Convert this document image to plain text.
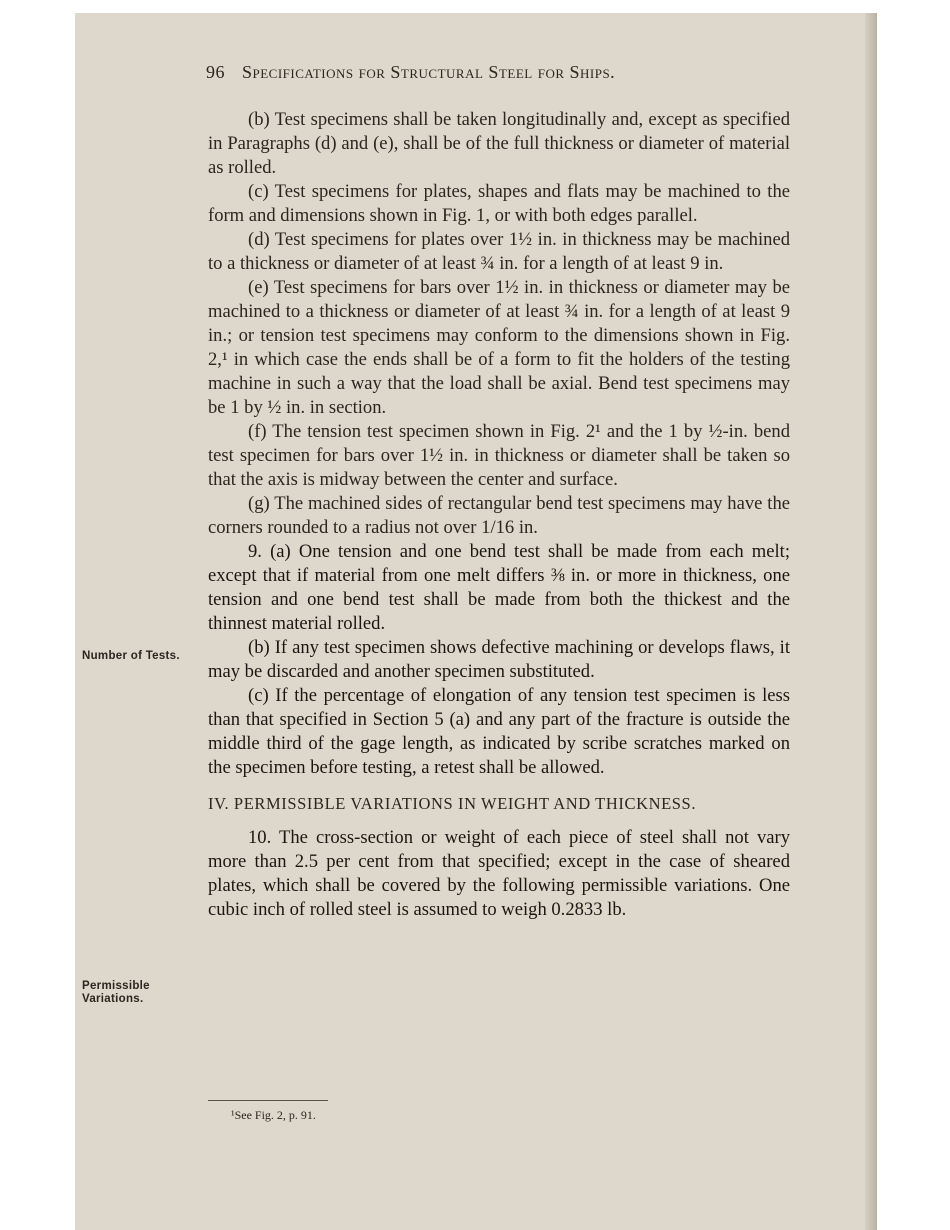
96 Specifications for Structural Steel for Ships.
Number of Tests.
Permissible Variations.

(b) Test specimens shall be taken longitudinally and, except as specified in Paragraphs (d) and (e), shall be of the full thickness or diameter of material as rolled.

(c) Test specimens for plates, shapes and flats may be machined to the form and dimensions shown in Fig. 1, or with both edges parallel.

(d) Test specimens for plates over 1½ in. in thickness may be machined to a thickness or diameter of at least ¾ in. for a length of at least 9 in.

(e) Test specimens for bars over 1½ in. in thickness or diameter may be machined to a thickness or diameter of at least ¾ in. for a length of at least 9 in.; or tension test specimens may conform to the dimensions shown in Fig. 2,¹ in which case the ends shall be of a form to fit the holders of the testing machine in such a way that the load shall be axial. Bend test specimens may be 1 by ½ in. in section.

(f) The tension test specimen shown in Fig. 2¹ and the 1 by ½-in. bend test specimen for bars over 1½ in. in thickness or diameter shall be taken so that the axis is midway between the center and surface.

(g) The machined sides of rectangular bend test specimens may have the corners rounded to a radius not over 1/16 in.

9. (a) One tension and one bend test shall be made from each melt; except that if material from one melt differs ⅜ in. or more in thickness, one tension and one bend test shall be made from both the thickest and the thinnest material rolled.

(b) If any test specimen shows defective machining or develops flaws, it may be discarded and another specimen substituted.

(c) If the percentage of elongation of any tension test specimen is less than that specified in Section 5 (a) and any part of the fracture is outside the middle third of the gage length, as indicated by scribe scratches marked on the specimen before testing, a retest shall be allowed.

IV. PERMISSIBLE VARIATIONS IN WEIGHT AND THICKNESS.

10. The cross-section or weight of each piece of steel shall not vary more than 2.5 per cent from that specified; except in the case of sheared plates, which shall be covered by the following permissible variations. One cubic inch of rolled steel is assumed to weigh 0.2833 lb.

¹See Fig. 2, p. 91.
